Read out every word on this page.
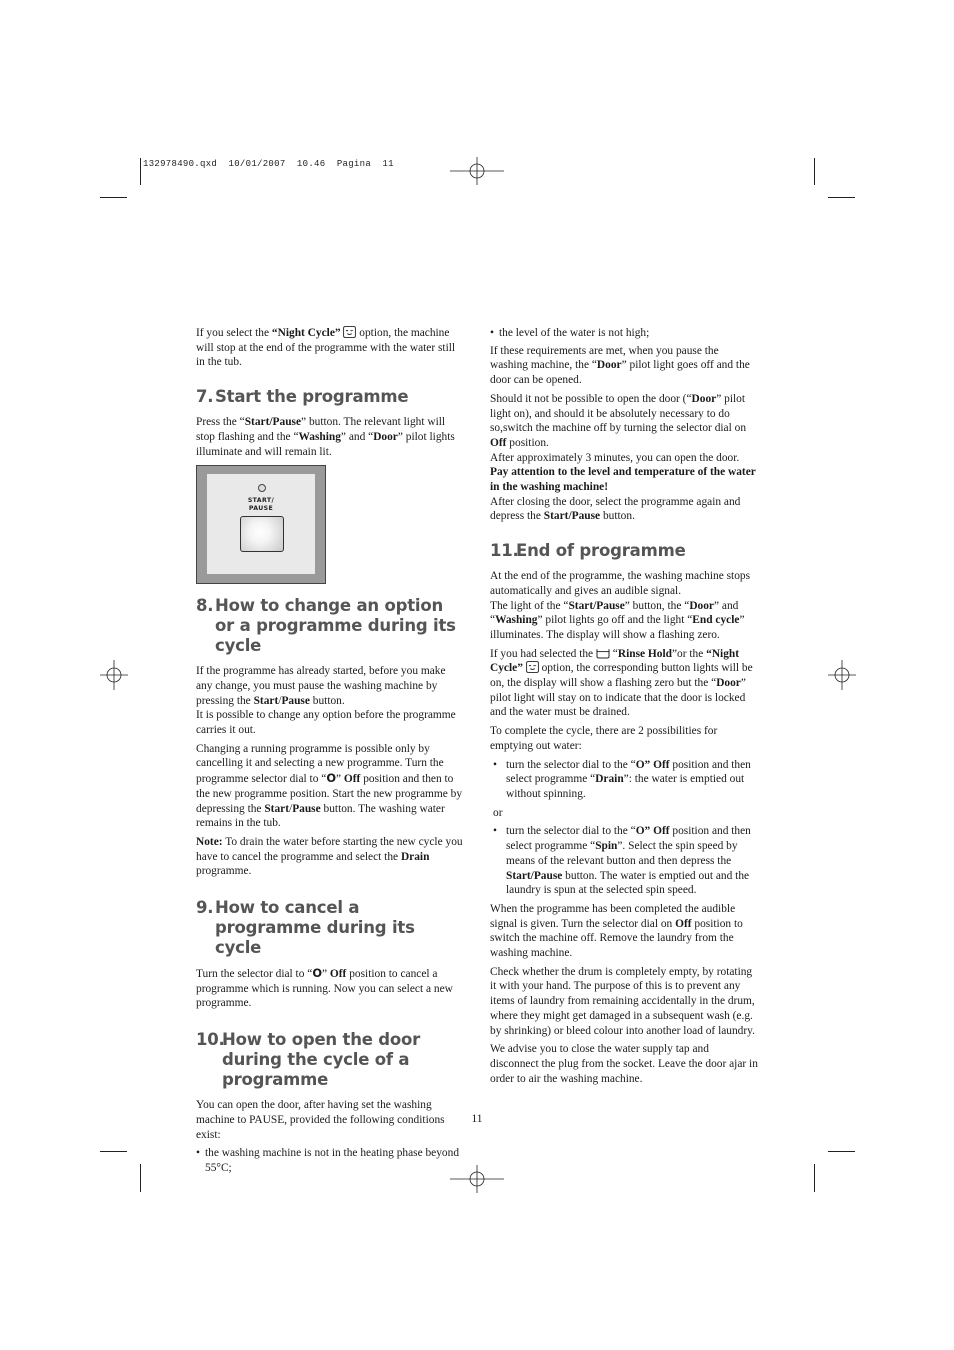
132978490.qxd  10/01/2007  10.46  Pagina  11

If you select the “Night Cycle”  option, the machine will stop at the end of the programme with the water still in the tub.

7. Start the programme

Press the “Start/Pause” button. The relevant light will stop flashing and the “Washing” and “Door” pilot lights illuminate and will remain lit.

START/
PAUSE
8. How to change an option or a programme during its cycle

If the programme has already started, before you make any change, you must pause the washing machine by pressing the Start/Pause button.

It is possible to change any option before the programme carries it out.

Changing a running programme is possible only by cancelling it and selecting a new programme. Turn the programme selector dial to “O” Off position and then to the new programme position. Start the new programme by depressing the Start/Pause button. The washing water remains in the tub.

Note: To drain the water before starting the new cycle you have to cancel the programme and select the Drain programme.

9. How to cancel a programme during its cycle

Turn the selector dial to “O” Off position to cancel a programme which is running. Now you can select a new programme.

10.
How to open the door during the cycle of a programme

You can open the door, after having set the washing machine to PAUSE, provided the following conditions exist:

• the washing machine is not in the heating phase beyond 55°C;

• the level of the water is not high;

If these requirements are met, when you pause the washing machine, the “Door” pilot light goes off and the door can be opened.

Should it not be possible to open the door (“Door” pilot light on), and should it be absolutely necessary to do so,switch the machine off by turning the selector dial on Off position.

After approximately 3 minutes, you can open the door.

Pay attention to the level and temperature of the water in the washing machine!

After closing the door, select the programme again and depress the Start/Pause button.

11.
End of programme

At the end of the programme, the washing machine stops automatically and gives an audible signal.

The light of the “Start/Pause” button, the “Door” and “Washing” pilot lights go off and the light “End cycle” illuminates. The display will show a flashing zero.

If you had selected the  “Rinse Hold”or the “Night Cycle”  option, the corresponding button lights will be on, the display will show a flashing zero but the “Door” pilot light will stay on to indicate that the door is locked and the water must be drained.

To complete the cycle, there are 2 possibilities for emptying out water:

• turn the selector dial to the “O” Off position and then select programme “Drain”: the water is emptied out without spinning.

or

• turn the selector dial to the “O” Off position and then select programme “Spin”. Select the spin speed by means of the relevant button and then depress the Start/Pause button. The water is emptied out and the laundry is spun at the selected spin speed.

When the programme has been completed the audible signal is given. Turn the selector dial on Off position to switch the machine off. Remove the laundry from the washing machine.

Check whether the drum is completely empty, by rotating it with your hand. The purpose of this is to prevent any items of laundry from remaining accidentally in the drum, where they might get damaged in a subsequent wash (e.g. by shrinking) or bleed colour into another load of laundry.

We advise you to close the water supply tap and disconnect the plug from the socket. Leave the door ajar in order to air the washing machine.

11
